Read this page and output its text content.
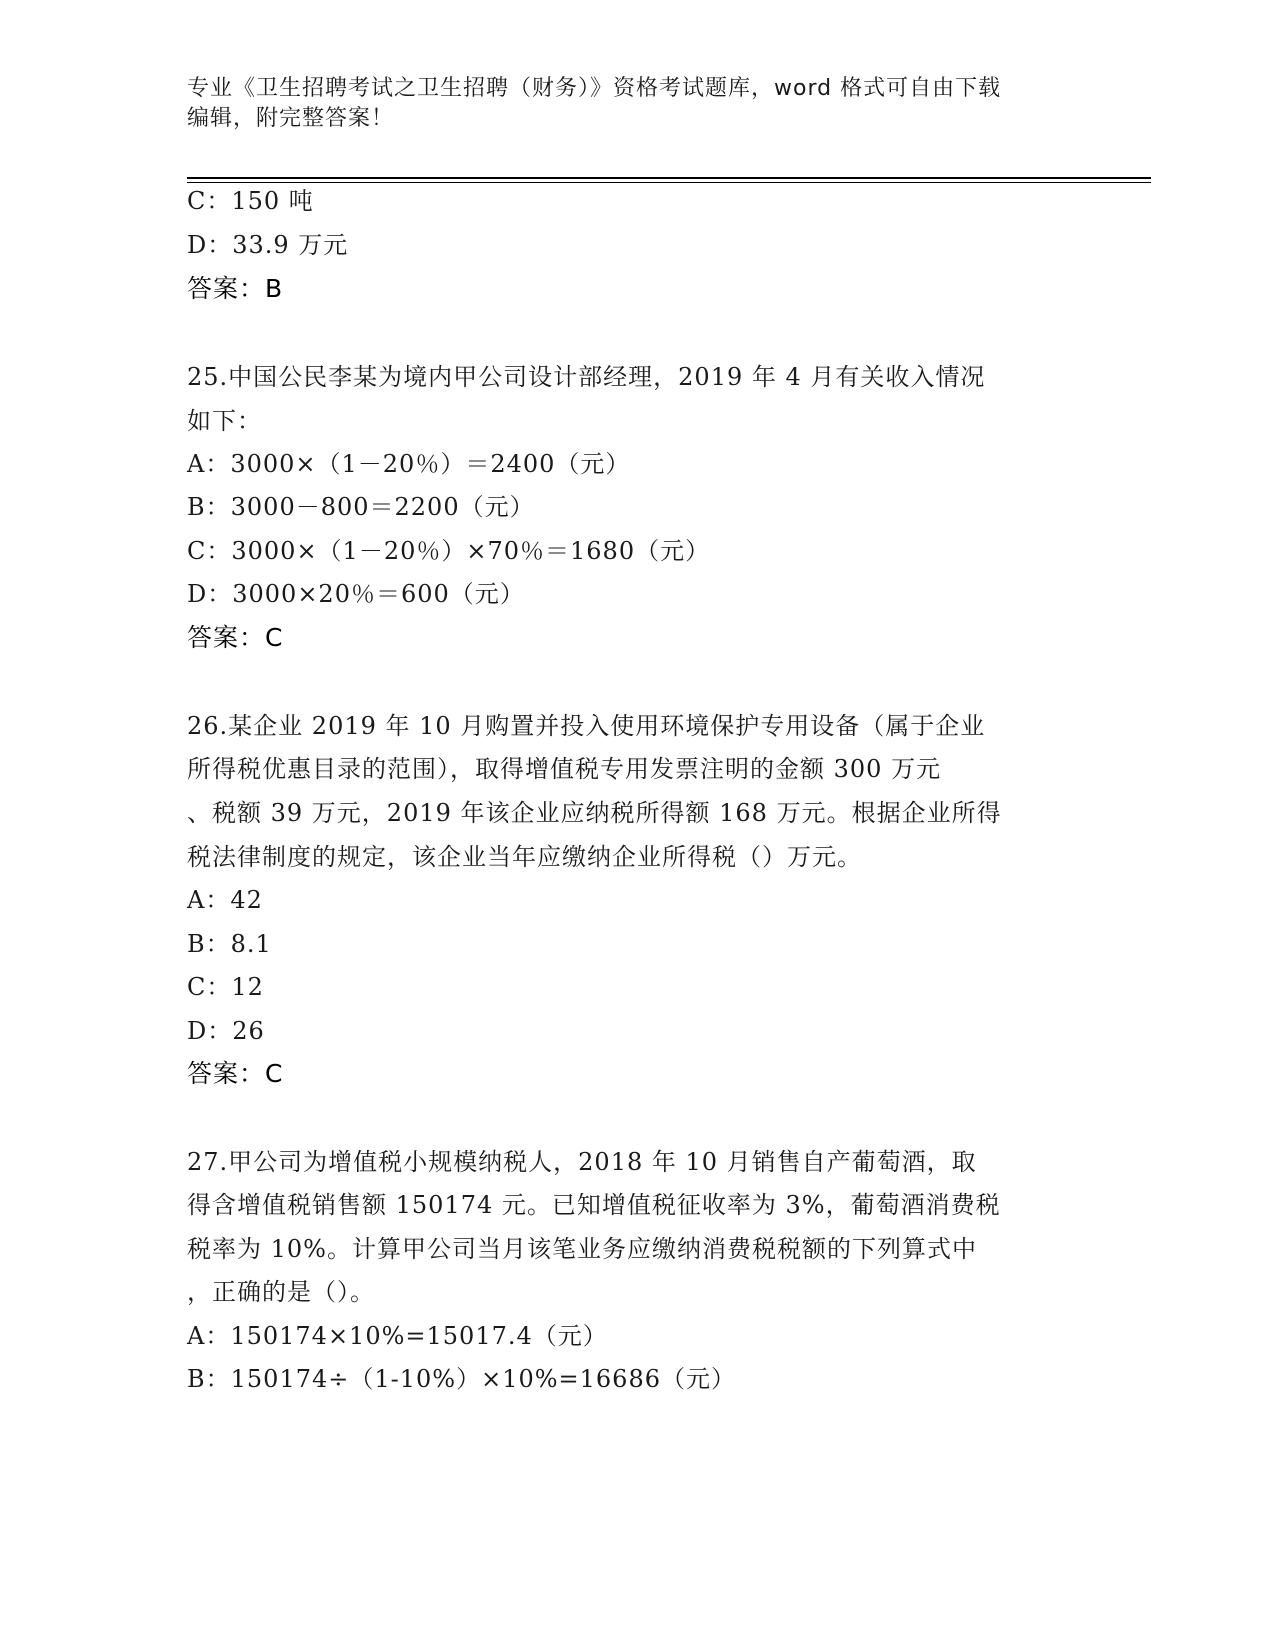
专业《卫生招聘考试之卫生招聘（财务）》资格考试题库，word 格式可自由下载
编辑，附完整答案！
C：150 吨
D：33.9 万元
答案：B
25.中国公民李某为境内甲公司设计部经理，2019 年 4 月有关收入情况
如下：
A：3000×（1－20％）＝2400（元）
B：3000－800＝2200（元）
C：3000×（1－20％）×70％＝1680（元）
D：3000×20％＝600（元）
答案：C
26.某企业 2019 年 10 月购置并投入使用环境保护专用设备（属于企业
所得税优惠目录的范围），取得增值税专用发票注明的金额 300 万元
、税额 39 万元，2019 年该企业应纳税所得额 168 万元。根据企业所得
税法律制度的规定，该企业当年应缴纳企业所得税（）万元。
A：42
B：8.1
C：12
D：26
答案：C
27.甲公司为增值税小规模纳税人，2018 年 10 月销售自产葡萄酒，取
得含增值税销售额 150174 元。已知增值税征收率为 3%，葡萄酒消费税
税率为 10%。计算甲公司当月该笔业务应缴纳消费税税额的下列算式中
，正确的是（）。
A：150174×10%=15017.4（元）
B：150174÷（1-10%）×10%=16686（元）
